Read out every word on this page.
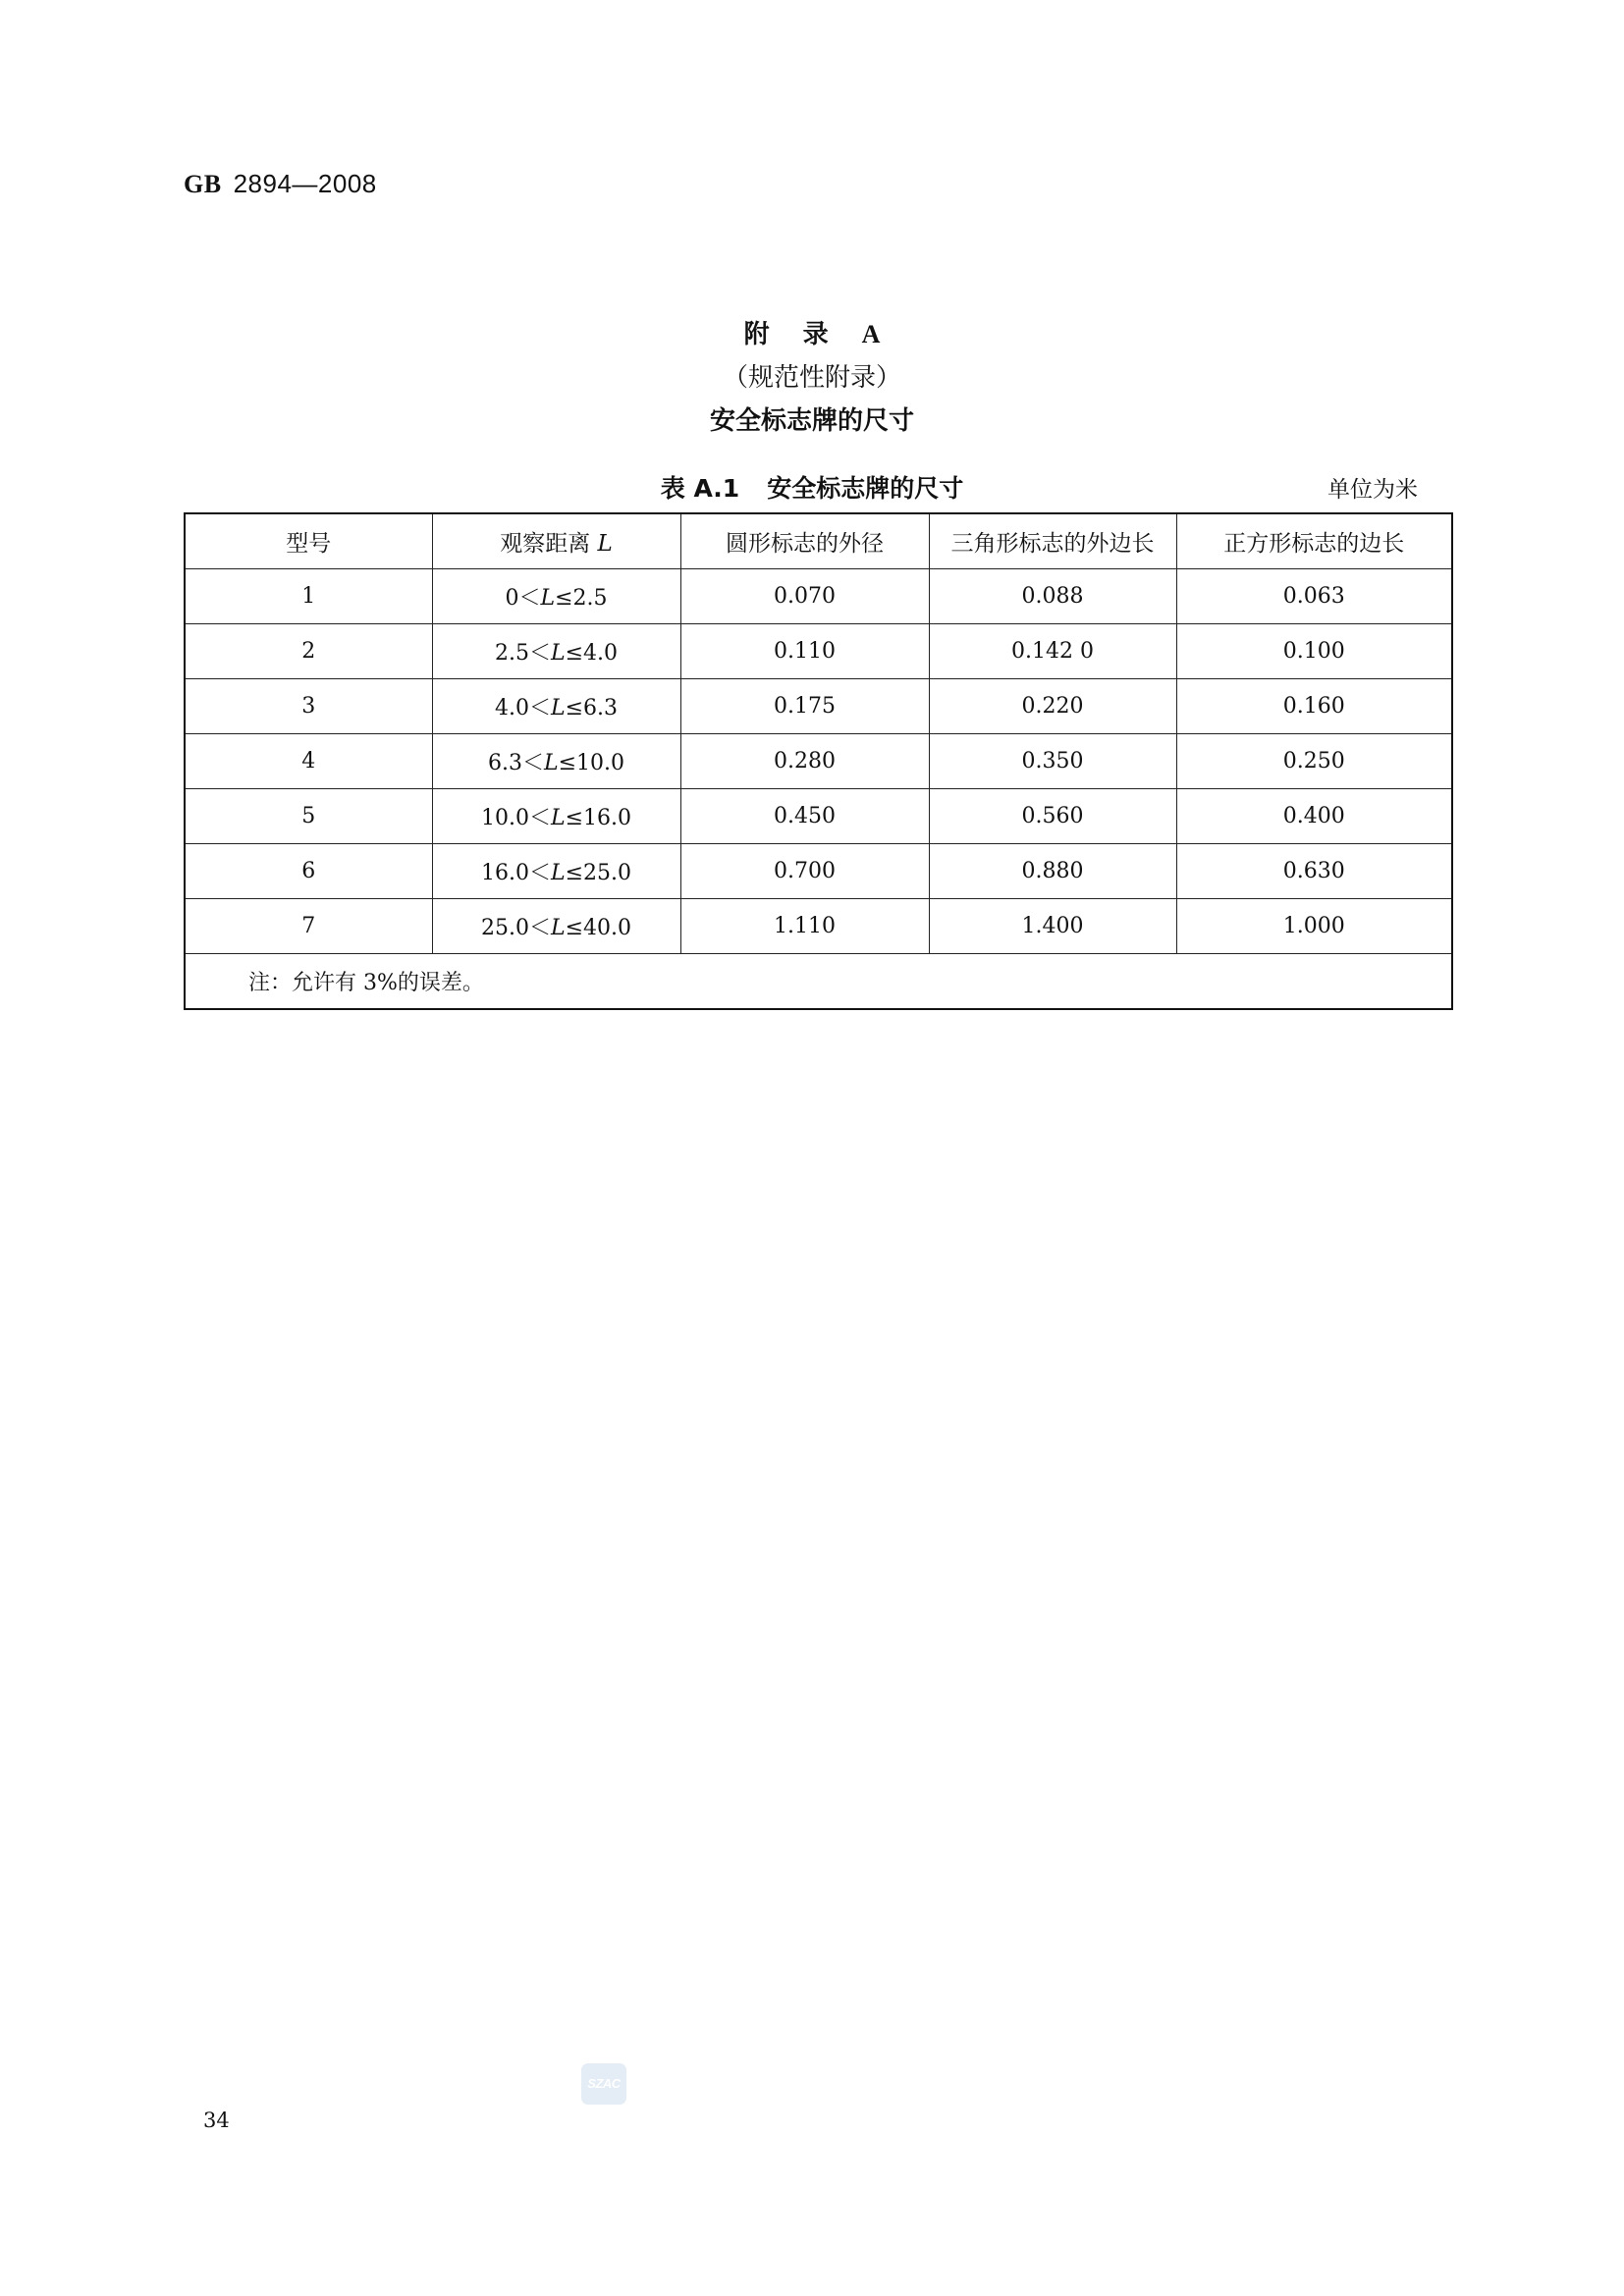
GB 2894—2008
附 录 A
（规范性附录）
安全标志牌的尺寸
表 A.1 安全标志牌的尺寸	单位为米
型号	观察距离 L	圆形标志的外径	三角形标志的外边长	正方形标志的边长
1	0＜L≤2.5	0.070	0.088	0.063
2	2.5＜L≤4.0	0.110	0.142 0	0.100
3	4.0＜L≤6.3	0.175	0.220	0.160
4	6.3＜L≤10.0	0.280	0.350	0.250
5	10.0＜L≤16.0	0.450	0.560	0.400
6	16.0＜L≤25.0	0.700	0.880	0.630
7	25.0＜L≤40.0	1.110	1.400	1.000
注：允许有 3%的误差。				
SZAC
34
